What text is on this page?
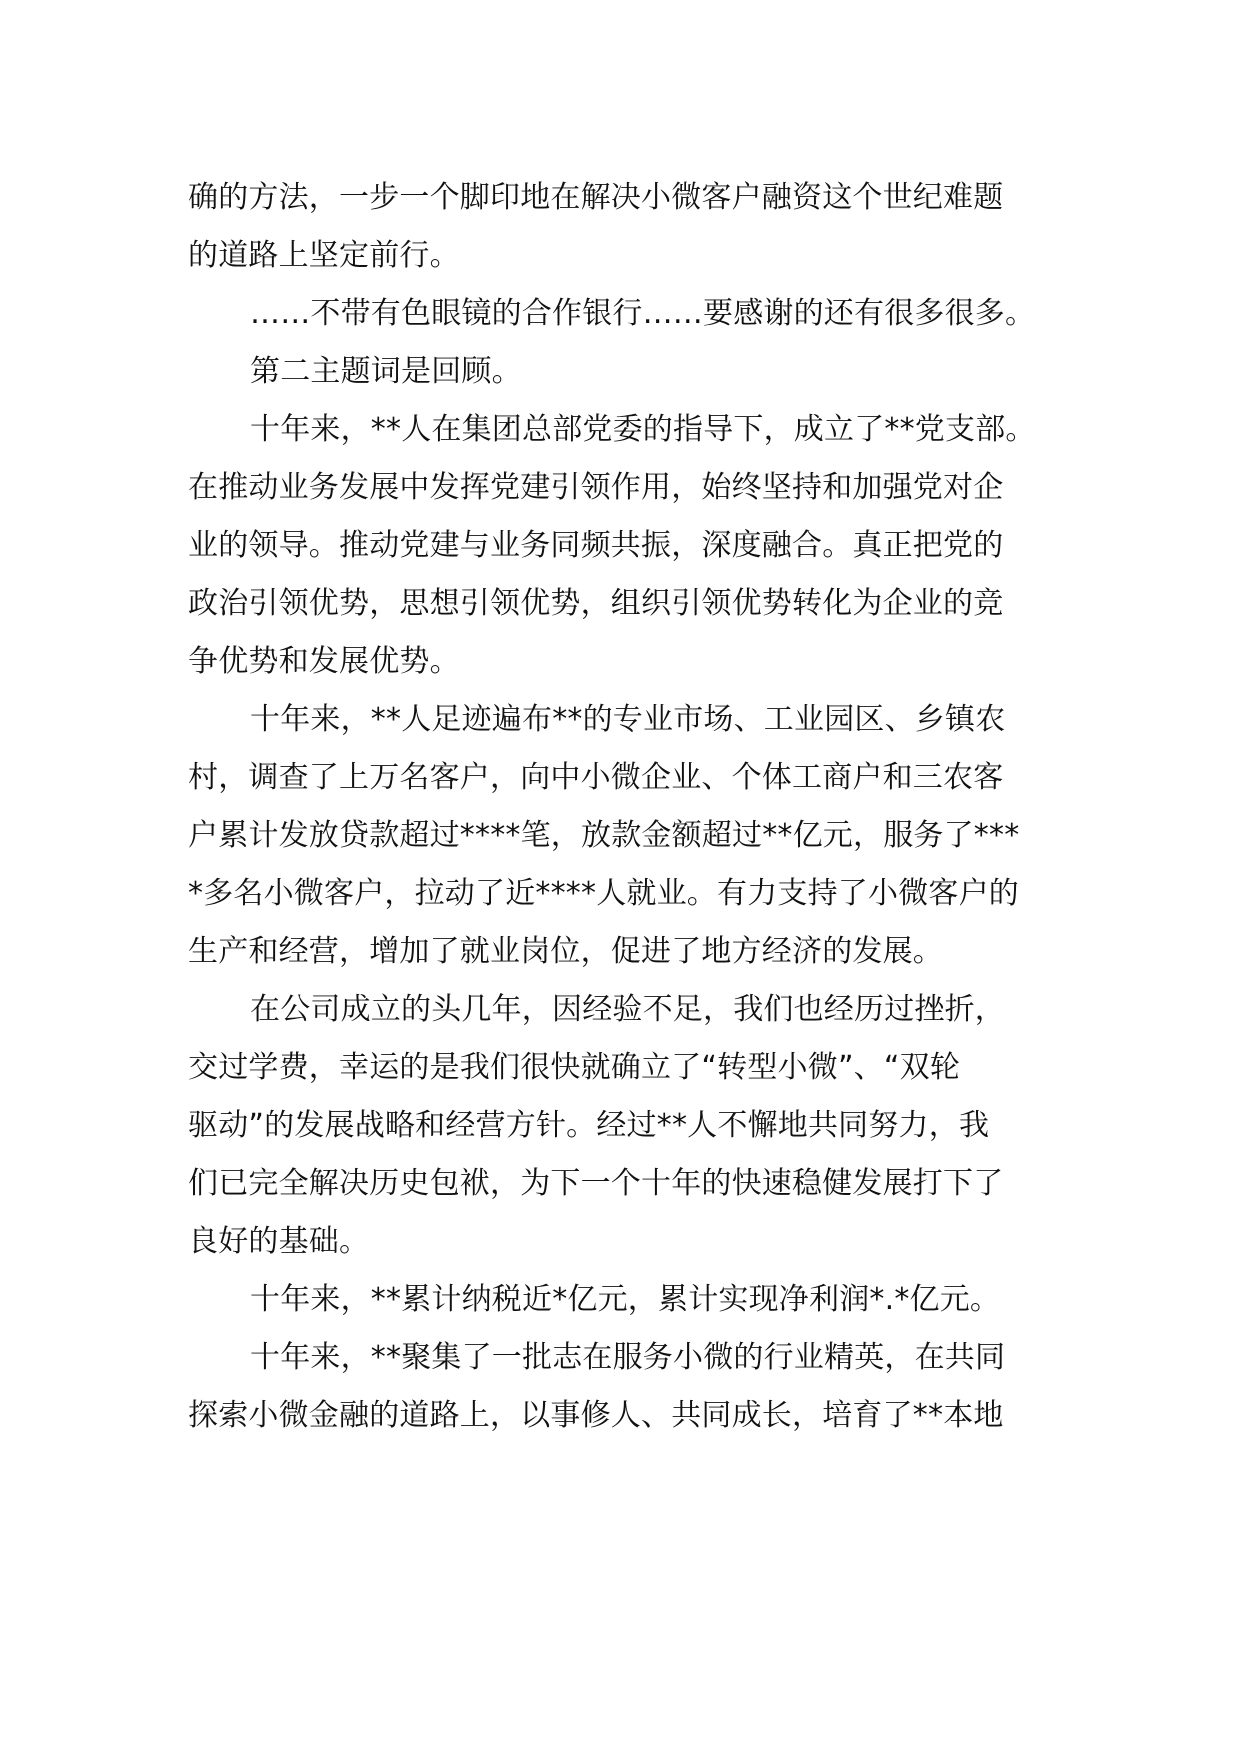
确的方法，一步一个脚印地在解决小微客户融资这个世纪难题
的道路上坚定前行。
……不带有色眼镜的合作银行……要感谢的还有很多很多。
第二主题词是回顾。
十年来，**人在集团总部党委的指导下，成立了**党支部。
在推动业务发展中发挥党建引领作用，始终坚持和加强党对企
业的领导。推动党建与业务同频共振，深度融合。真正把党的
政治引领优势，思想引领优势，组织引领优势转化为企业的竞
争优势和发展优势。
十年来，**人足迹遍布**的专业市场、工业园区、乡镇农
村，调查了上万名客户，向中小微企业、个体工商户和三农客
户累计发放贷款超过****笔，放款金额超过**亿元，服务了***
*多名小微客户，拉动了近****人就业。有力支持了小微客户的
生产和经营，增加了就业岗位，促进了地方经济的发展。
在公司成立的头几年，因经验不足，我们也经历过挫折，
交过学费，幸运的是我们很快就确立了“转型小微”、“双轮
驱动”的发展战略和经营方针。经过**人不懈地共同努力，我
们已完全解决历史包袱，为下一个十年的快速稳健发展打下了
良好的基础。
十年来，**累计纳税近*亿元，累计实现净利润*.*亿元。
十年来，**聚集了一批志在服务小微的行业精英，在共同
探索小微金融的道路上，以事修人、共同成长，培育了**本地
